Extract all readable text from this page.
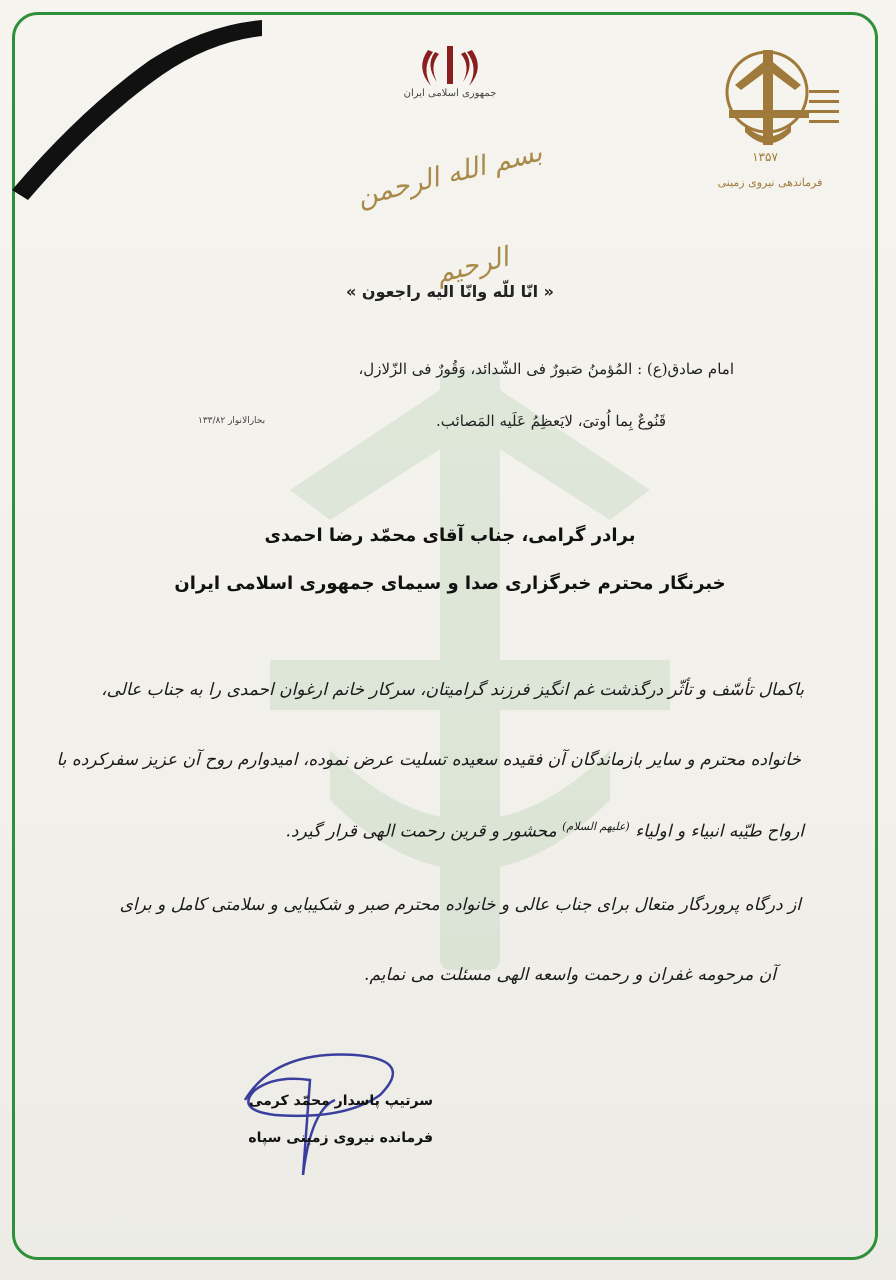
۱۳۵۷
فرماندهی نیروی زمینی
جمهوری اسلامی ایران
بسم الله الرحمن الرحيم
« انّا للّه وانّا اليه راجعون »
امام صادق(ع) : المُؤمنُ صَبورٌ فی الشّدائد، وَقُورٌ فی الزّلازل،
قَنُوعٌ بِما اُوتیَ، لایَعظِمُ عَلَیه المَصائب.
بحارالانوار ۱۳۳/۸۲
برادر گرامی، جناب آقای محمّد رضا احمدی
خبرنگار محترم خبرگزاری صدا و سیمای جمهوری اسلامی ایران
باکمال تأسّف و تأثّر درگذشت غم انگیز فرزند گرامیتان، سرکار خانم ارغوان احمدی را به جناب عالی،
خانواده محترم و سایر بازماندگان آن فقیده سعیده تسلیت عرض نموده، امیدوارم روح آن عزیز سفرکرده با
ارواح طیّبه انبیاء و اولیاء $^{(علیهم السلام)}$ محشور و قرین رحمت الهی قرار گیرد.
از درگاه پروردگار متعال برای جناب عالی و خانواده محترم صبر و شکیبایی و سلامتی کامل و برای
آن مرحومه غفران و رحمت واسعه الهی مسئلت می نمایم.
سرتیپ پاسدار محمّد کرمی
فرمانده نیروی زمینی سپاه
